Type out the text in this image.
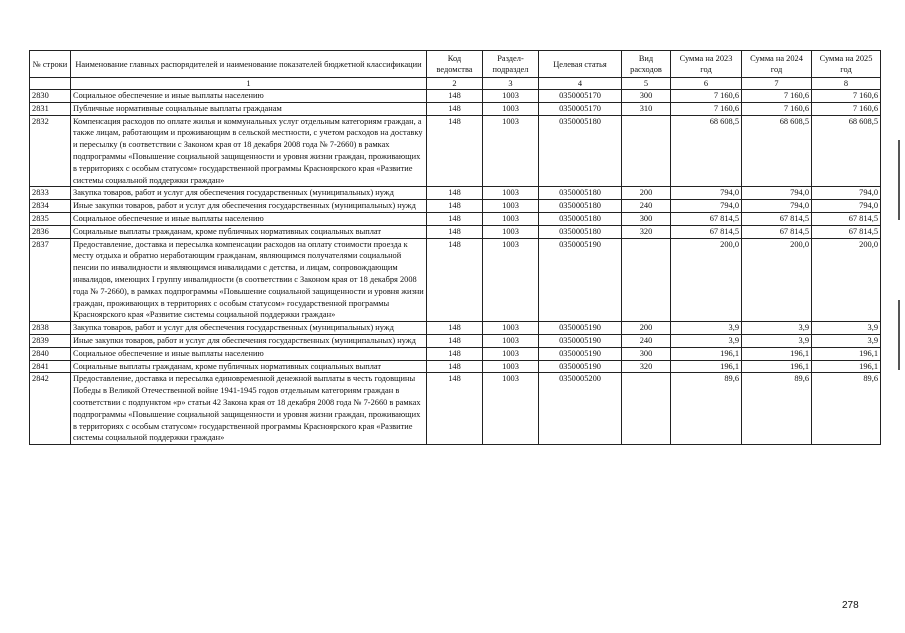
№ строки	Наименование главных распорядителей и наименование показателей бюджетной классификации	Код ведомства	Раздел-подраздел	Целевая статья	Вид расходов	Сумма на 2023 год	Сумма на 2024 год	Сумма на 2025 год
	1	2	3	4	5	6	7	8
2830	Социальное обеспечение и иные выплаты населению	148	1003	0350005170	300	7 160,6	7 160,6	7 160,6
2831	Публичные нормативные социальные выплаты гражданам	148	1003	0350005170	310	7 160,6	7 160,6	7 160,6
2832	Компенсация расходов по оплате жилья и коммунальных услуг отдельным категориям граждан, а также лицам, работающим и проживающим в сельской местности, с учетом расходов на доставку и пересылку (в соответствии с Законом края от 18 декабря 2008 года № 7-2660) в рамках подпрограммы «Повышение социальной защищенности и уровня жизни граждан, проживающих в территориях с особым статусом» государственной программы Красноярского края «Развитие системы социальной поддержки граждан»	148	1003	0350005180		68 608,5	68 608,5	68 608,5
2833	Закупка товаров, работ и услуг для обеспечения государственных (муниципальных) нужд	148	1003	0350005180	200	794,0	794,0	794,0
2834	Иные закупки товаров, работ и услуг для обеспечения государственных (муниципальных) нужд	148	1003	0350005180	240	794,0	794,0	794,0
2835	Социальное обеспечение и иные выплаты населению	148	1003	0350005180	300	67 814,5	67 814,5	67 814,5
2836	Социальные выплаты гражданам, кроме публичных нормативных социальных выплат	148	1003	0350005180	320	67 814,5	67 814,5	67 814,5
2837	Предоставление, доставка и пересылка компенсации расходов на оплату стоимости проезда к месту отдыха и обратно неработающим гражданам, являющимся получателями социальной пенсии по инвалидности и являющимся инвалидами с детства, и лицам, сопровождающим инвалидов, имеющих I группу инвалидности (в соответствии с Законом края от 18 декабря 2008 года № 7-2660), в рамках подпрограммы «Повышение социальной защищенности и уровня жизни граждан, проживающих в территориях с особым статусом» государственной программы Красноярского края «Развитие системы социальной поддержки граждан»	148	1003	0350005190		200,0	200,0	200,0
2838	Закупка товаров, работ и услуг для обеспечения государственных (муниципальных) нужд	148	1003	0350005190	200	3,9	3,9	3,9
2839	Иные закупки товаров, работ и услуг для обеспечения государственных (муниципальных) нужд	148	1003	0350005190	240	3,9	3,9	3,9
2840	Социальное обеспечение и иные выплаты населению	148	1003	0350005190	300	196,1	196,1	196,1
2841	Социальные выплаты гражданам, кроме публичных нормативных социальных выплат	148	1003	0350005190	320	196,1	196,1	196,1
2842	Предоставление, доставка и пересылка единовременной денежной выплаты в честь годовщины Победы в Великой Отечественной войне 1941-1945 годов отдельным категориям граждан в соответствии с подпунктом «р» статьи 42 Закона края от 18 декабря 2008 года № 7-2660 в рамках подпрограммы «Повышение социальной защищенности и уровня жизни граждан, проживающих в территориях с особым статусом» государственной программы Красноярского края «Развитие системы социальной поддержки граждан»	148	1003	0350005200		89,6	89,6	89,6
278
